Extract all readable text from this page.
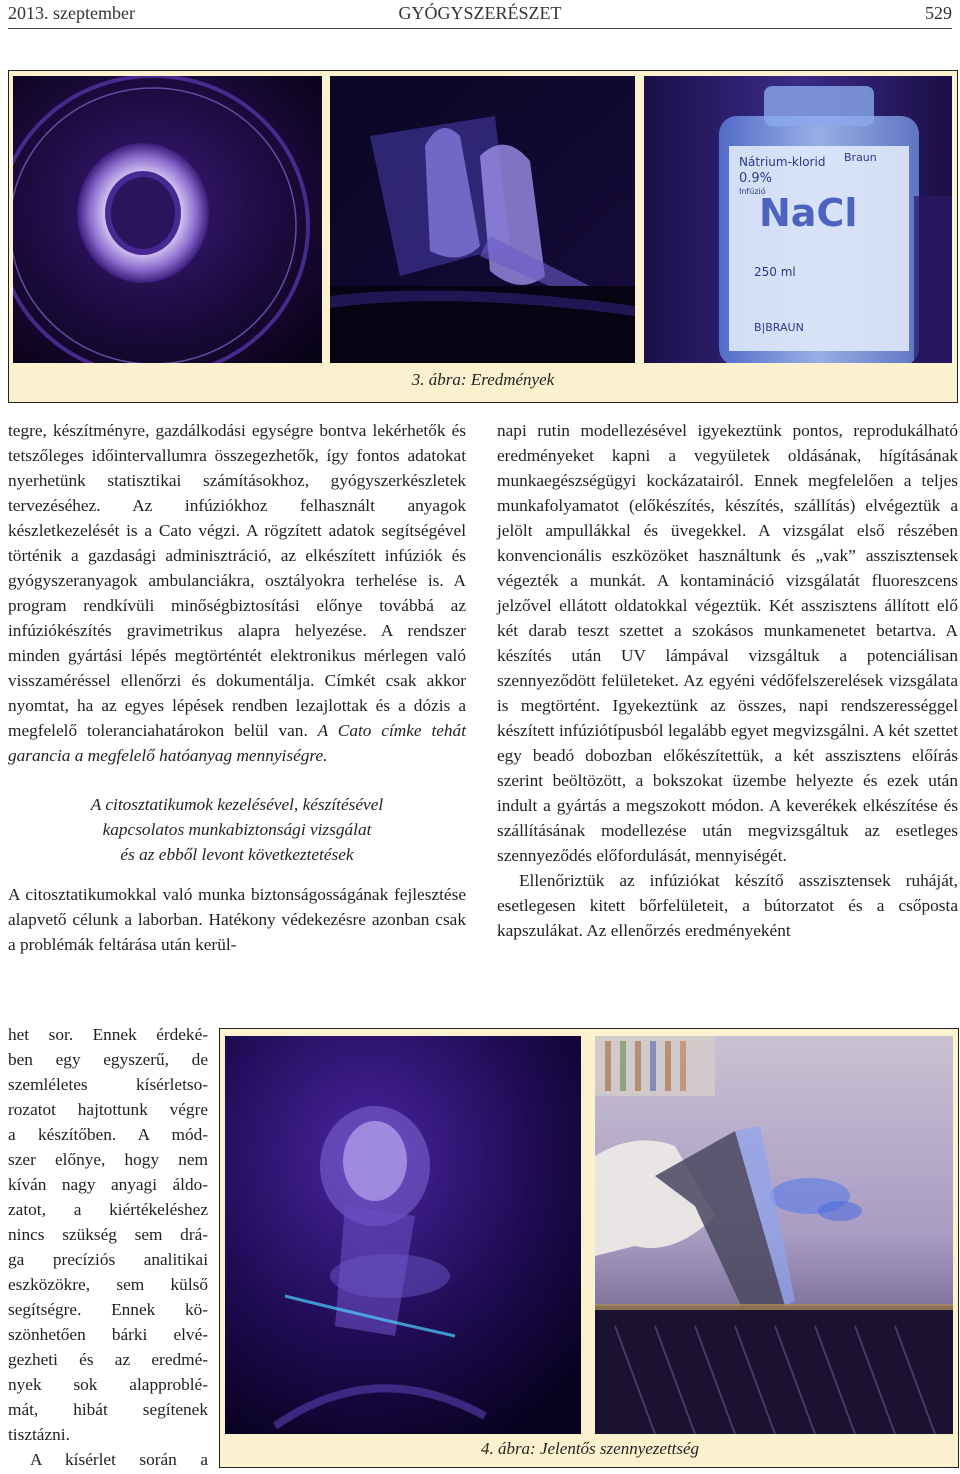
2013. szeptember	GYÓGYSZERÉSZET	529
Nátrium-klorid Braun
0.9%
Infúzió
NaCl
250 ml
B|BRAUN
3. ábra: Eredmények

tegre, készítményre, gazdálkodási egységre bontva lekérhetők és tetszőleges időintervallumra összegezhetők, így fontos adatokat nyerhetünk statisztikai számításokhoz, gyógyszerkészletek tervezéséhez. Az infúziókhoz felhasznált anyagok készletkezelését is a Cato végzi. A rögzített adatok segítségével történik a gazdasági adminisztráció, az elkészített infúziók és gyógyszeranyagok ambulanciákra, osztályokra terhelése is. A program rendkívüli minőségbiztosítási előnye továbbá az infúziókészítés gravimetrikus alapra helyezése. A rendszer minden gyártási lépés megtörténtét elektronikus mérlegen való visszaméréssel ellenőrzi és dokumentálja. Címkét csak akkor nyomtat, ha az egyes lépések rendben lezajlottak és a dózis a megfelelő toleranciahatárokon belül van. A Cato címke tehát garancia a megfelelő hatóanyag mennyiségre.

A citosztatikumok kezelésével, készítésével
kapcsolatos munkabiztonsági vizsgálat
és az ebből levont következtetések

A citosztatikumokkal való munka biztonságosságának fejlesztése alapvető célunk a laborban. Hatékony védekezésre azonban csak a problémák feltárása után kerül-

het sor. Ennek érdeké-
ben egy egyszerű, de
szemléletes kísérletso-
rozatot hajtottunk végre
a készítőben. A mód-
szer előnye, hogy nem
kíván nagy anyagi áldo-
zatot, a kiértékeléshez
nincs szükség sem drá-
ga precíziós analitikai
eszközökre, sem külső
segítségre. Ennek kö-
szönhetően bárki elvé-
gezheti és az eredmé-
nyek sok alapproblé-
mát, hibát segítenek
tisztázni.
A kísérlet során a

napi rutin modellezésével igyekeztünk pontos, reprodukálható eredményeket kapni a vegyületek oldásának, hígításának munkaegészségügyi kockázatairól. Ennek megfelelően a teljes munkafolyamatot (előkészítés, készítés, szállítás) elvégeztük a jelölt ampullákkal és üvegekkel. A vizsgálat első részében konvencionális eszközöket használtunk és „vak” asszisztensek végezték a munkát. A kontamináció vizsgálatát fluoreszcens jelzővel ellátott oldatokkal végeztük. Két asszisztens állított elő két darab teszt szettet a szokásos munkamenetet betartva. A készítés után UV lámpával vizsgáltuk a potenciálisan szennyeződött felületeket. Az egyéni védőfelszerelések vizsgálata is megtörtént. Igyekeztünk az összes, napi rendszerességgel készített infúziótípusból legalább egyet megvizsgálni. A két szettet egy beadó dobozban előkészítettük, a két asszisztens előírás szerint beöltözött, a bokszokat üzembe helyezte és ezek után indult a gyártás a megszokott módon. A keverékek elkészítése és szállításának modellezése után megvizsgáltuk az esetleges szennyeződés előfordulását, mennyiségét.

Ellenőriztük az infúziókat készítő asszisztensek ruháját, esetlegesen kitett bőrfelületeit, a bútorzatot és a csőposta kapszulákat. Az ellenőrzés eredményeként

4. ábra: Jelentős szennyezettség
